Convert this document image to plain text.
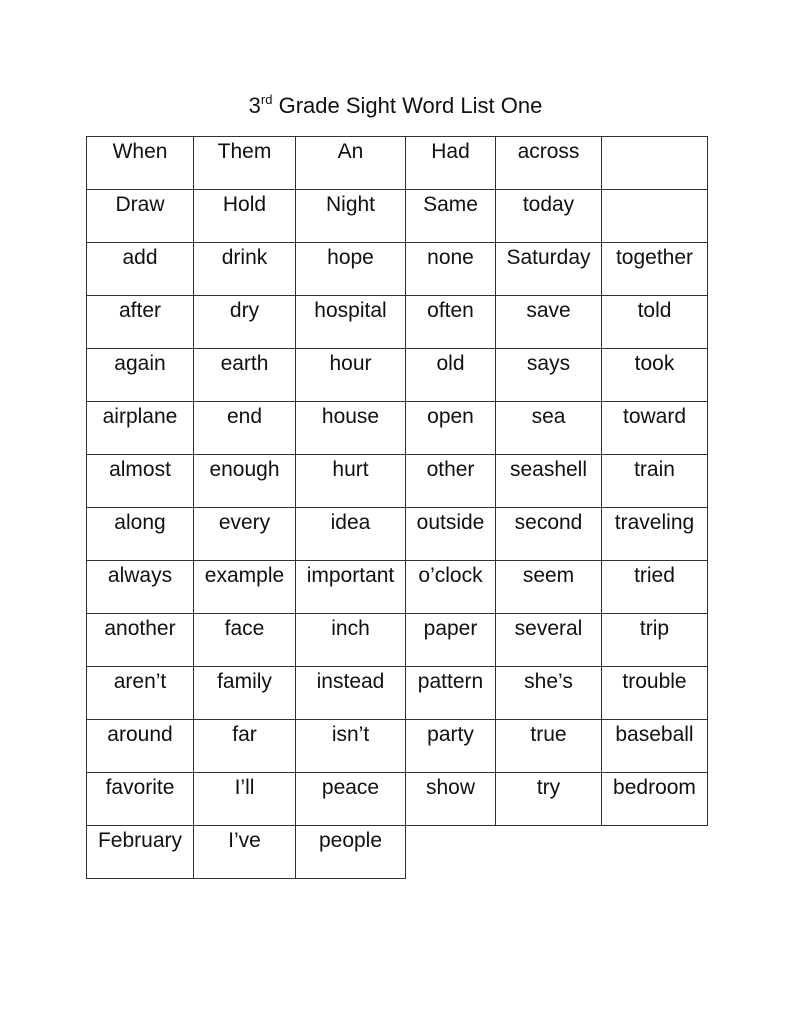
3rd Grade Sight Word List One
When	Them	An	Had	across	
Draw	Hold	Night	Same	today	
add	drink	hope	none	Saturday	together
after	dry	hospital	often	save	told
again	earth	hour	old	says	took
airplane	end	house	open	sea	toward
almost	enough	hurt	other	seashell	train
along	every	idea	outside	second	traveling
always	example	important	o’clock	seem	tried
another	face	inch	paper	several	trip
aren’t	family	instead	pattern	she’s	trouble
around	far	isn’t	party	true	baseball
favorite	I’ll	peace	show	try	bedroom
February	I’ve	people			
